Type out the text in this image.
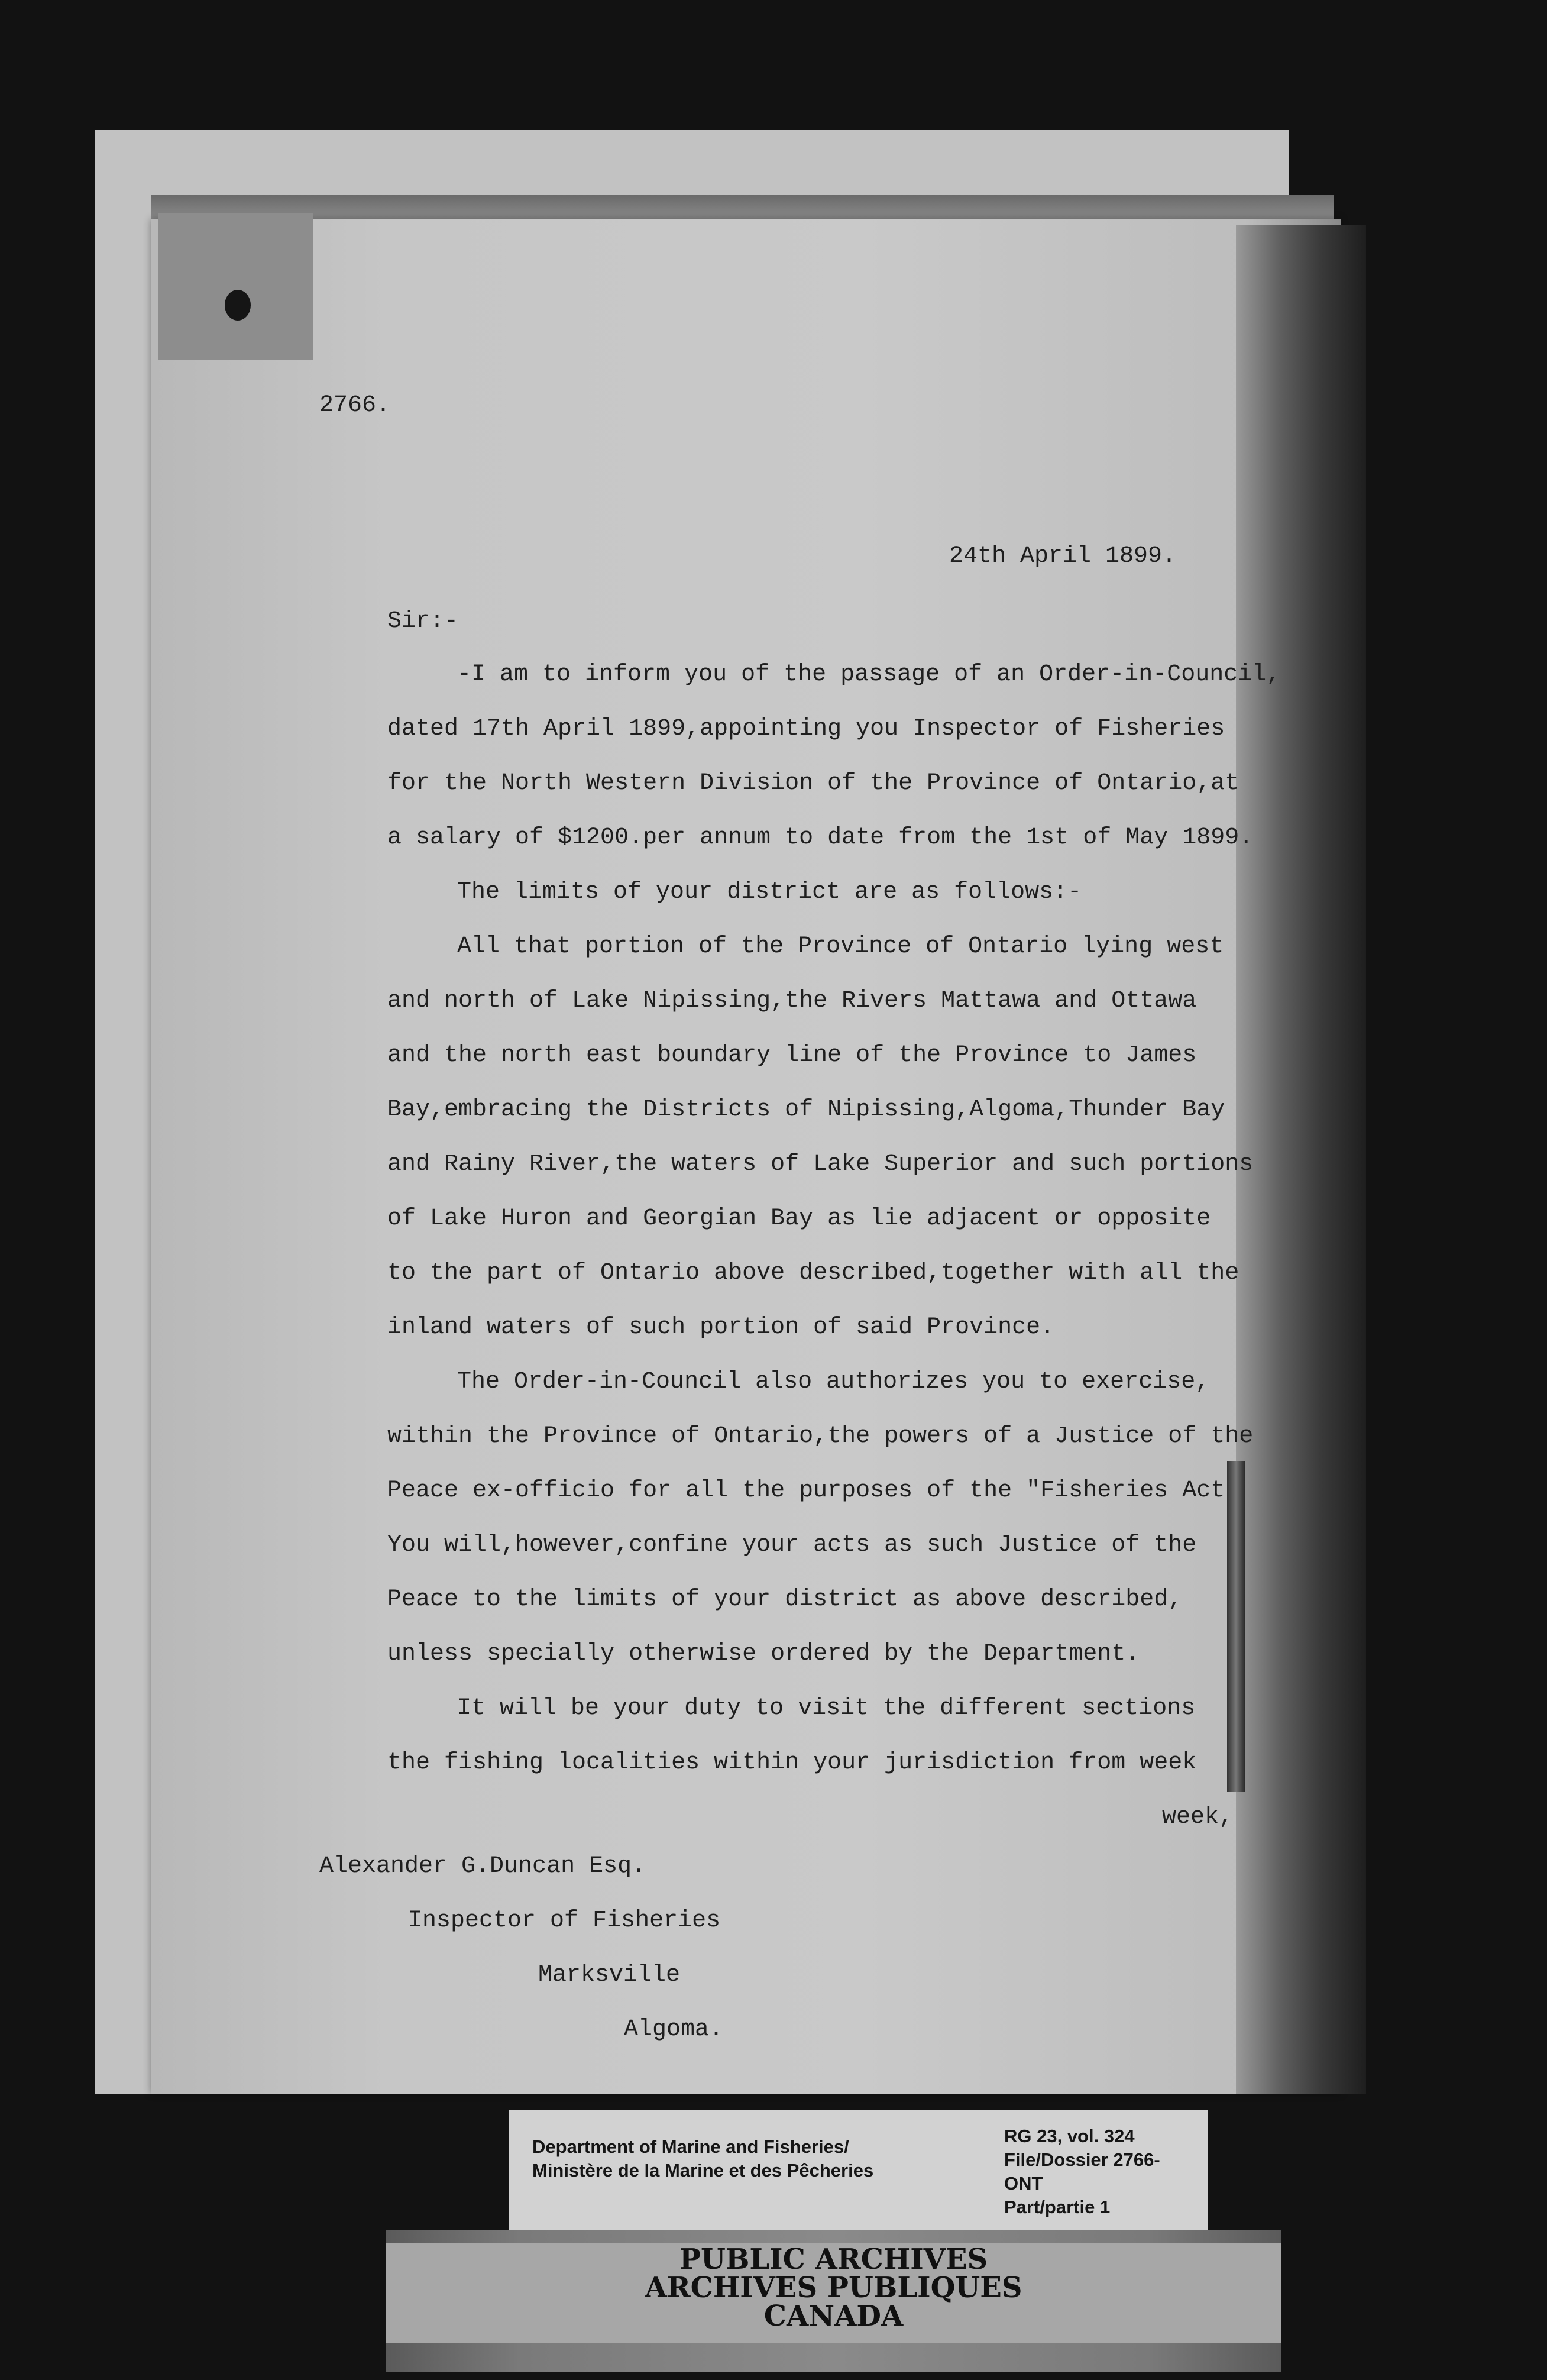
2766.
24th April 1899.
Sir:-
-I am to inform you of the passage of an Order-in-Council,
dated 17th April 1899,appointing you Inspector of Fisheries
for the North Western Division of the Province of Ontario,at
a salary of $1200.per annum to date from the 1st of May 1899.
The limits of your district are as follows:-
All that portion of the Province of Ontario lying west
and north of Lake Nipissing,the Rivers Mattawa and Ottawa
and the north east boundary line of the Province to James
Bay,embracing the Districts of Nipissing,Algoma,Thunder Bay
and Rainy River,the waters of Lake Superior and such portions
of Lake Huron and Georgian Bay as lie adjacent or opposite
to the part of Ontario above described,together with all the
inland waters of such portion of said Province.
The Order-in-Council also authorizes you to exercise,
within the Province of Ontario,the powers of a Justice of the
Peace ex-officio for all the purposes of the "Fisheries Act
You will,however,confine your acts as such Justice of the
Peace to the limits of your district as above described,
unless specially otherwise ordered by the Department.
It will be your duty to visit the different sections
the fishing localities within your jurisdiction from week
week,
Alexander G.Duncan Esq.
Inspector of Fisheries
Marksville
Algoma.
Department of Marine and Fisheries/
Ministère de la Marine et des Pêcheries
RG 23, vol. 324
File/Dossier 2766-
ONT
Part/partie 1
PUBLIC ARCHIVES
ARCHIVES PUBLIQUES
CANADA
